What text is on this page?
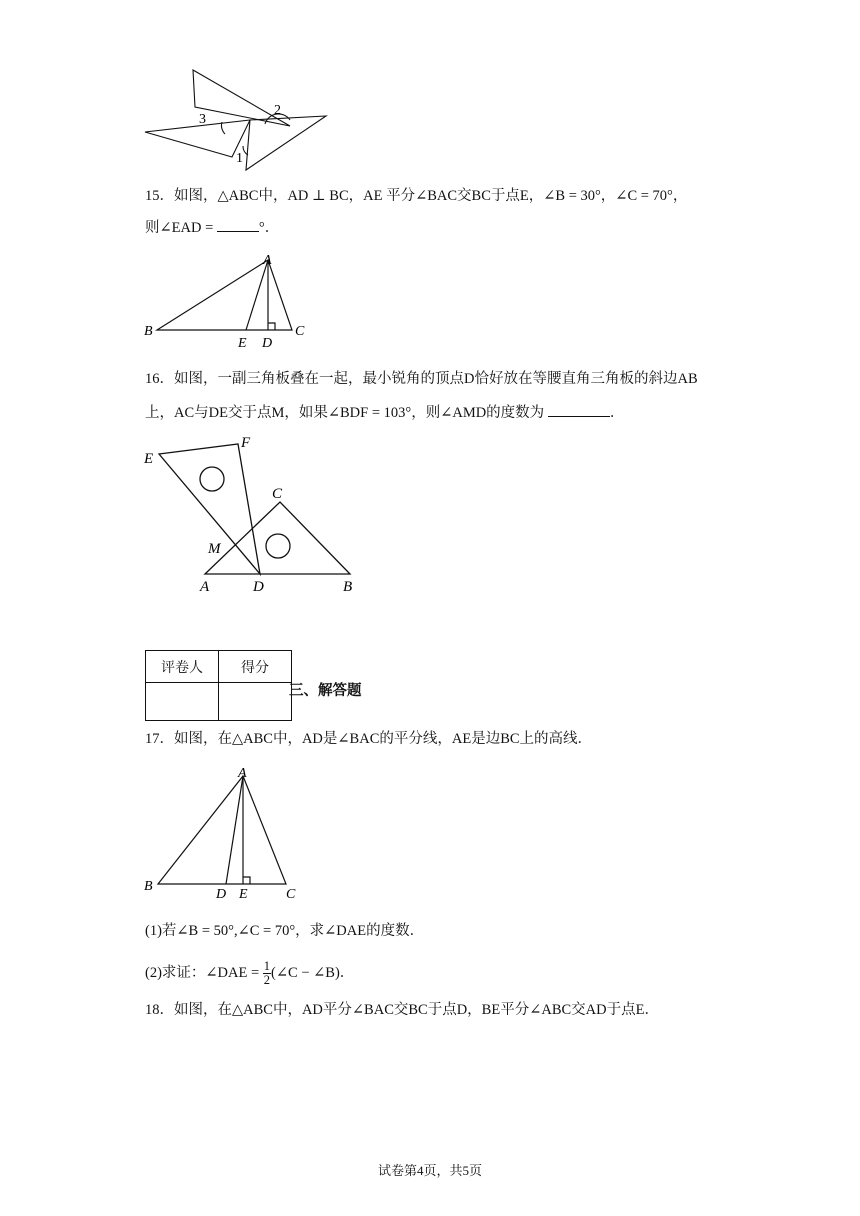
3
2
1
15．如图，△ABC中，AD ⊥ BC，AE 平分∠BAC交BC于点E，∠B = 30°，∠C = 70°，
则∠EAD =	°．
A
B	C
E D
16．如图，一副三角板叠在一起，最小锐角的顶点D恰好放在等腰直角三角板的斜边AB
上，AC与DE交于点M，如果∠BDF = 103°，则∠AMD的度数为	．
E
F
C
M
A	D	B
评卷人	得分

三、解答题
17．如图，在△ABC中，AD是∠BAC的平分线，AE是边BC上的高线．
A
B
C
D E
(1)若∠B = 50°,∠C = 70°，求∠DAE的度数．
(2)求证：∠DAE = $\frac{1}{2}$ (∠C − ∠B)．
18．如图，在△ABC中，AD平分∠BAC交BC于点D，BE平分∠ABC交AD于点E．
试卷第4页，共5页
